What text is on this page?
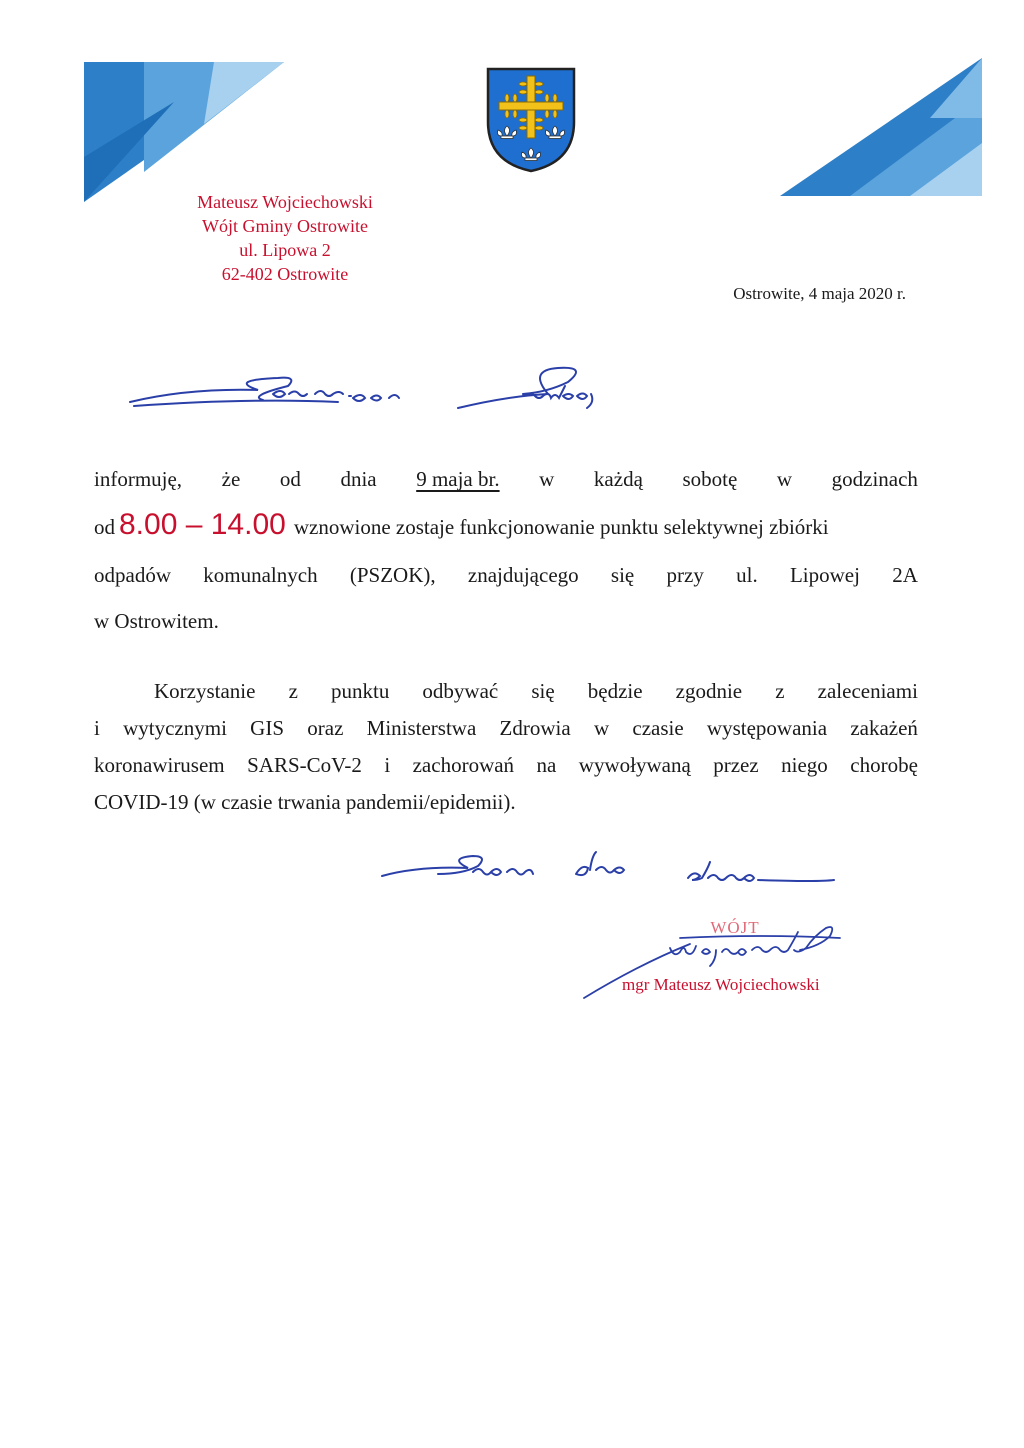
Mateusz Wojciechowski
Wójt Gminy Ostrowite
ul. Lipowa 2
62-402 Ostrowite
Ostrowite, 4 maja 2020 r.
informuję, że od dnia 9 maja br. w każdą sobotę w godzinach
od 8.00 – 14.00 wznowione zostaje funkcjonowanie punktu selektywnej zbiórki
odpadów komunalnych (PSZOK), znajdującego się przy ul. Lipowej 2A
w Ostrowitem.
Korzystanie z punktu odbywać się będzie zgodnie z zaleceniami
i wytycznymi GIS oraz Ministerstwa Zdrowia w czasie występowania zakażeń
koronawirusem SARS-CoV-2 i zachorowań na wywoływaną przez niego chorobę
COVID-19 (w czasie trwania pandemii/epidemii).
WÓJT
mgr Mateusz Wojciechowski
